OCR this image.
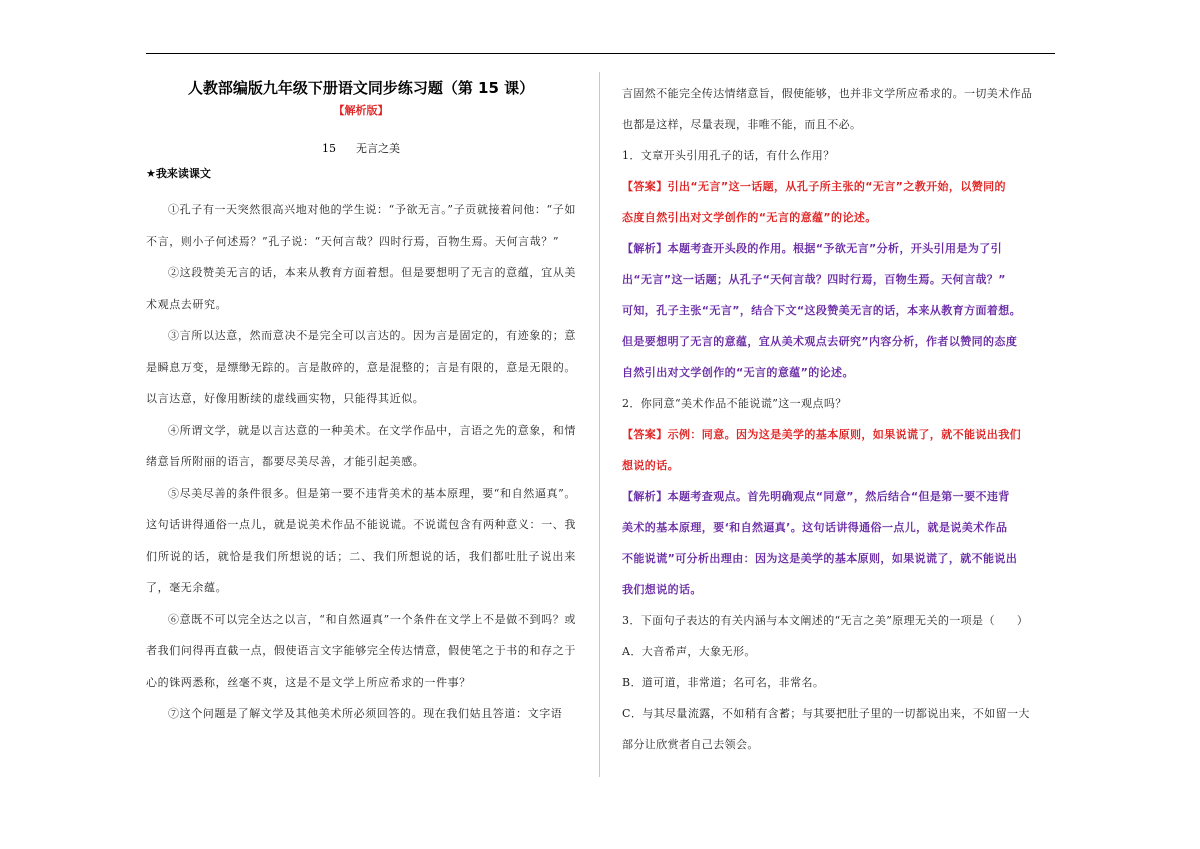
人教部编版九年级下册语文同步练习题（第 15 课）
【解析版】
15 无言之美
★我来读课文
①孔子有一天突然很高兴地对他的学生说：“予欲无言。”子贡就接着问他：“子如不言，则小子何述焉？”孔子说：“天何言哉？四时行焉，百物生焉。天何言哉？”
②这段赞美无言的话，本来从教育方面着想。但是要想明了无言的意蕴，宜从美术观点去研究。
③言所以达意，然而意决不是完全可以言达的。因为言是固定的，有迹象的；意是瞬息万变，是缥缈无踪的。言是散碎的，意是混整的；言是有限的，意是无限的。以言达意，好像用断续的虚线画实物，只能得其近似。
④所谓文学，就是以言达意的一种美术。在文学作品中，言语之先的意象，和情绪意旨所附丽的语言，都要尽美尽善，才能引起美感。
⑤尽美尽善的条件很多。但是第一要不违背美术的基本原理，要“和自然逼真”。这句话讲得通俗一点儿，就是说美术作品不能说谎。不说谎包含有两种意义：一、我们所说的话，就恰是我们所想说的话；二、我们所想说的话，我们都吐肚子说出来了，毫无余蕴。
⑥意既不可以完全达之以言，“和自然逼真”一个条件在文学上不是做不到吗？或者我们问得再直截一点，假使语言文字能够完全传达情意，假使笔之于书的和存之于心的铢两悉称，丝毫不爽，这是不是文学上所应希求的一件事？
⑦这个问题是了解文学及其他美术所必须回答的。现在我们姑且答道：文字语
言固然不能完全传达情绪意旨，假使能够，也并非文学所应希求的。一切美术作品
也都是这样，尽量表现，非唯不能，而且不必。
1．文章开头引用孔子的话，有什么作用？
【答案】引出“无言”这一话题，从孔子所主张的“无言”之教开始，以赞同的
态度自然引出对文学创作的“无言的意蕴”的论述。
【解析】本题考查开头段的作用。根据“予欲无言”分析，开头引用是为了引
出“无言”这一话题；从孔子“天何言哉？四时行焉，百物生焉。天何言哉？”
可知，孔子主张“无言”，结合下文“这段赞美无言的话，本来从教育方面着想。
但是要想明了无言的意蕴，宜从美术观点去研究”内容分析，作者以赞同的态度
自然引出对文学创作的“无言的意蕴”的论述。
2．你同意“美术作品不能说谎”这一观点吗？
【答案】示例：同意。因为这是美学的基本原则，如果说谎了，就不能说出我们
想说的话。
【解析】本题考查观点。首先明确观点“同意”，然后结合“但是第一要不违背
美术的基本原理，要‘和自然逼真’。这句话讲得通俗一点儿，就是说美术作品
不能说谎”可分析出理由：因为这是美学的基本原则，如果说谎了，就不能说出
我们想说的话。
3．下面句子表达的有关内涵与本文阐述的“无言之美”原理无关的一项是（ ）
A．大音希声，大象无形。
B．道可道，非常道；名可名，非常名。
C．与其尽量流露，不如稍有含蓄；与其要把肚子里的一切都说出来，不如留一大
部分让欣赏者自己去领会。
